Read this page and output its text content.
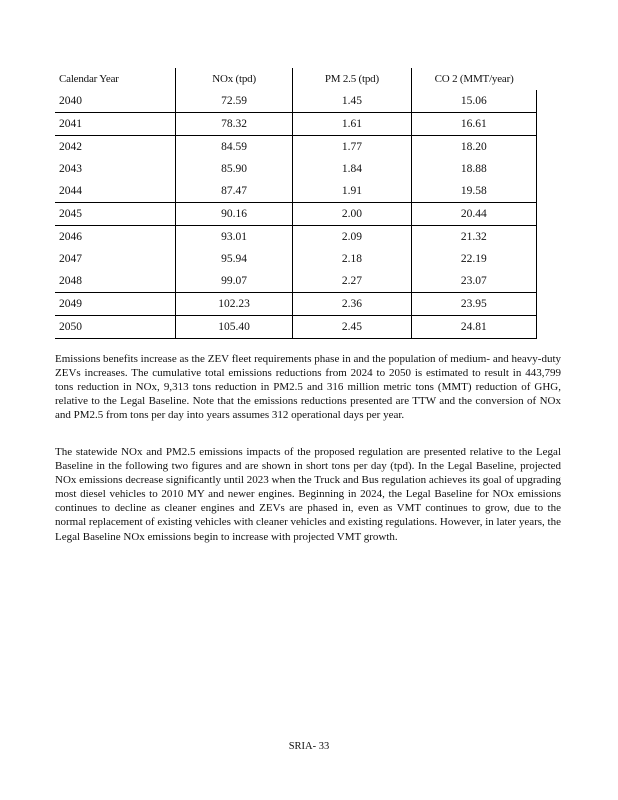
Calendar Year	NOx (tpd)	PM 2.5 (tpd)	CO 2 (MMT/year)
2040	72.59	1.45	15.06
2041	78.32	1.61	16.61
2042	84.59	1.77	18.20
2043	85.90	1.84	18.88
2044	87.47	1.91	19.58
2045	90.16	2.00	20.44
2046	93.01	2.09	21.32
2047	95.94	2.18	22.19
2048	99.07	2.27	23.07
2049	102.23	2.36	23.95
2050	105.40	2.45	24.81

Emissions benefits increase as the ZEV fleet requirements phase in and the population of medium- and heavy-duty ZEVs increases. The cumulative total emissions reductions from 2024 to 2050 is estimated to result in 443,799 tons reduction in NOx, 9,313 tons reduction in PM2.5 and 316 million metric tons (MMT) reduction of GHG, relative to the Legal Baseline. Note that the emissions reductions presented are TTW and the conversion of NOx and PM2.5 from tons per day into years assumes 312 operational days per year.

The statewide NOx and PM2.5 emissions impacts of the proposed regulation are presented relative to the Legal Baseline in the following two figures and are shown in short tons per day (tpd). In the Legal Baseline, projected NOx emissions decrease significantly until 2023 when the Truck and Bus regulation achieves its goal of upgrading most diesel vehicles to 2010 MY and newer engines. Beginning in 2024, the Legal Baseline for NOx emissions continues to decline as cleaner engines and ZEVs are phased in, even as VMT continues to grow, due to the normal replacement of existing vehicles with cleaner vehicles and existing regulations. However, in later years, the Legal Baseline NOx emissions begin to increase with projected VMT growth.

SRIA- 33
